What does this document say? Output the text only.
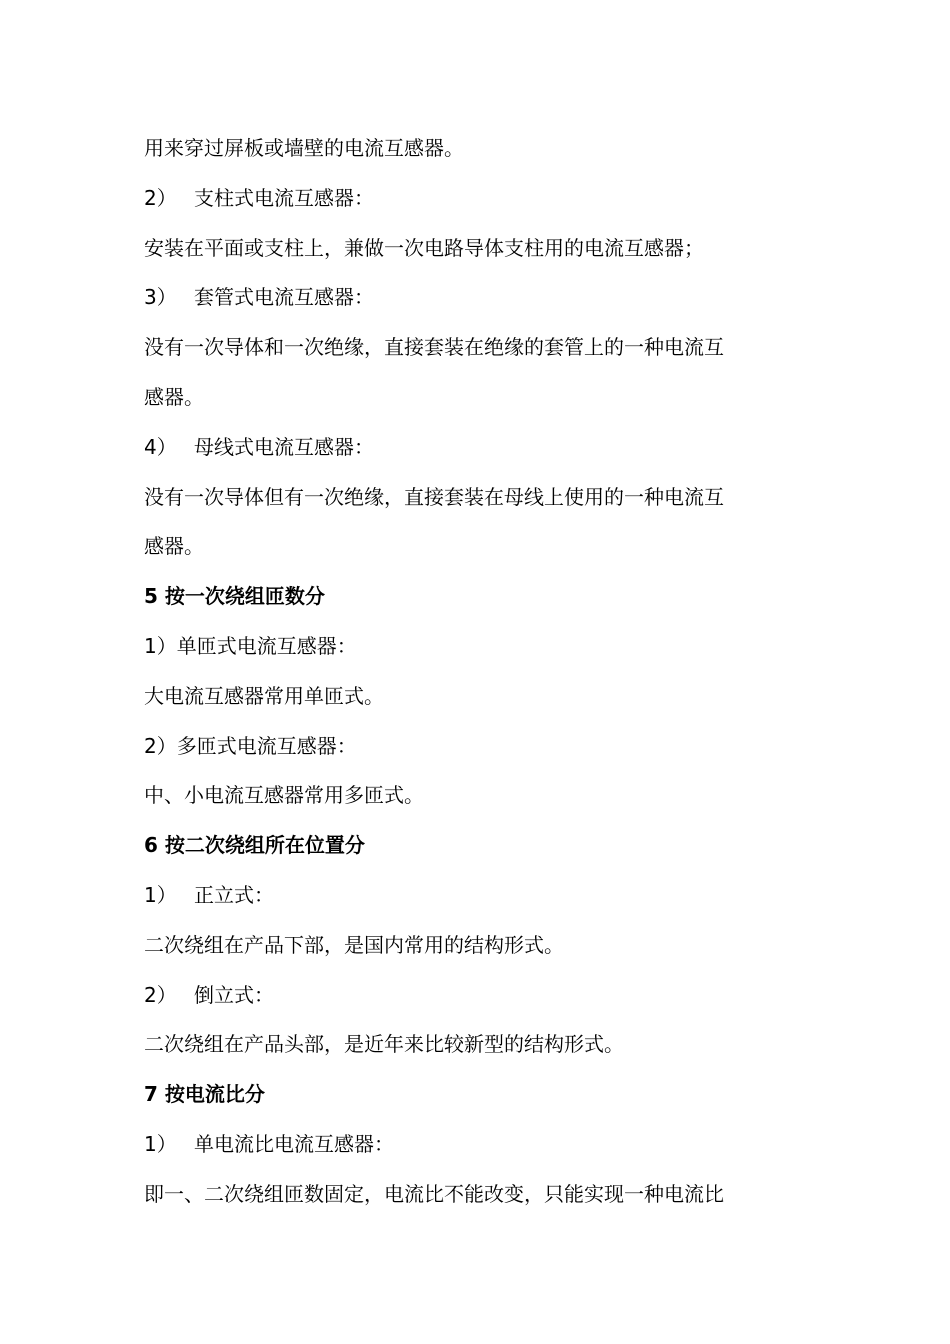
用来穿过屏板或墙壁的电流互感器。
2） 支柱式电流互感器：
安装在平面或支柱上，兼做一次电路导体支柱用的电流互感器；
3） 套管式电流互感器：
没有一次导体和一次绝缘，直接套装在绝缘的套管上的一种电流互
感器。
4） 母线式电流互感器：
没有一次导体但有一次绝缘，直接套装在母线上使用的一种电流互
感器。
5 按一次绕组匝数分
1）单匝式电流互感器：
大电流互感器常用单匝式。
2）多匝式电流互感器：
中、小电流互感器常用多匝式。
6 按二次绕组所在位置分
1） 正立式：
二次绕组在产品下部，是国内常用的结构形式。
2） 倒立式：
二次绕组在产品头部，是近年来比较新型的结构形式。
7 按电流比分
1） 单电流比电流互感器：
即一、二次绕组匝数固定，电流比不能改变，只能实现一种电流比
